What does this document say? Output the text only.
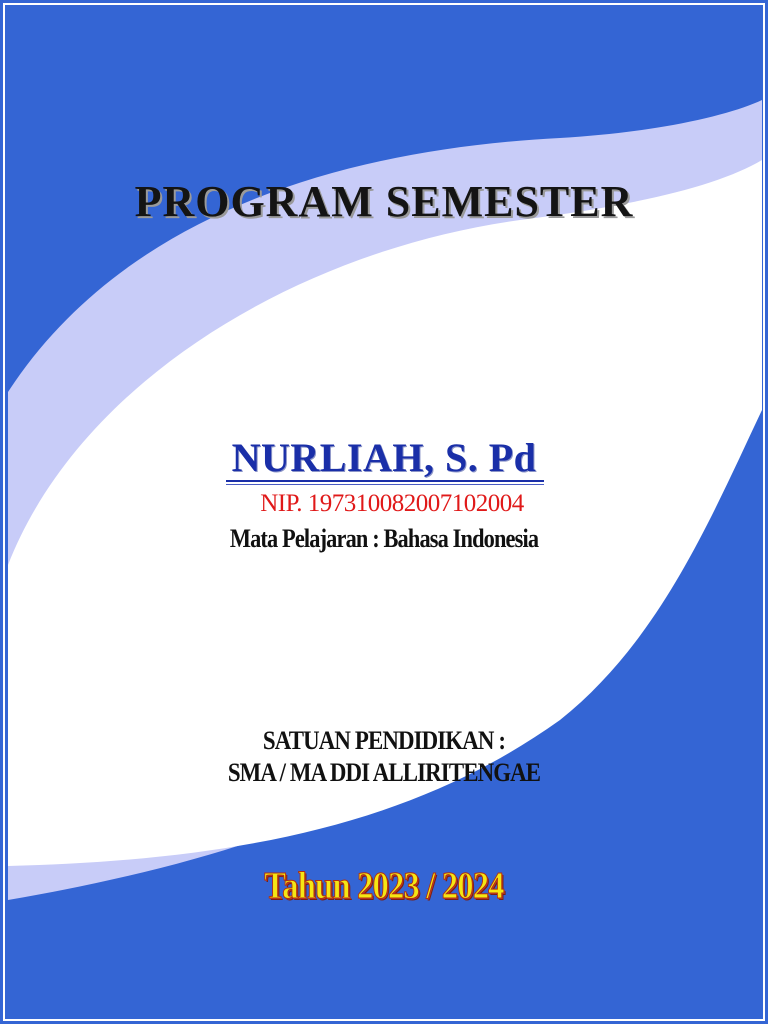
PROGRAM SEMESTER
NURLIAH, S. Pd
NIP. 197310082007102004
Mata Pelajaran : Bahasa Indonesia
SATUAN PENDIDIKAN :
SMA / MA DDI ALLIRITENGAE
Tahun 2023 / 2024
